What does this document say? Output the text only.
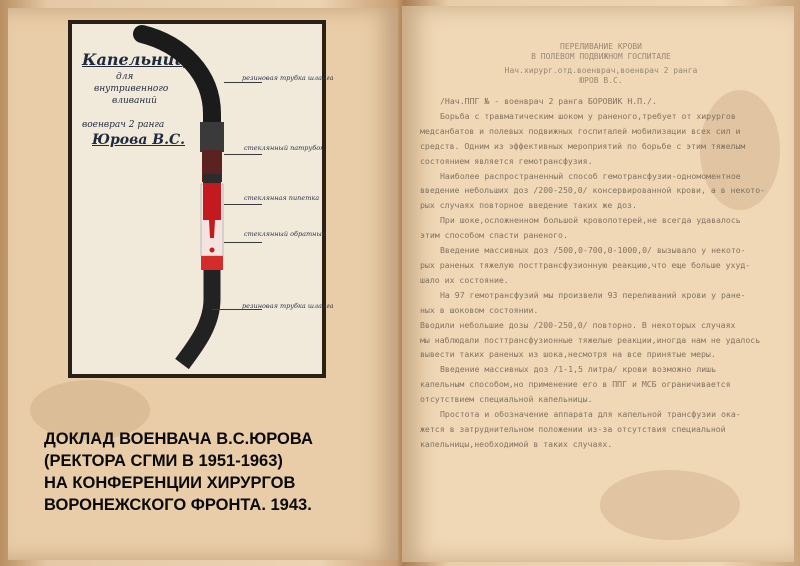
Капельница
для
внутривенного
вливаний
военврач 2 ранга
Юровa В.С.
резиновая трубка шланга
стеклянный патрубок
стеклянная пипетка
стеклянный обратный
резиновая трубка шланга
ДОКЛАД ВОЕНВАЧА В.С.ЮРОВА
(РЕКТОРА СГМИ В 1951-1963)
НА КОНФЕРЕНЦИИ ХИРУРГОВ
ВОРОНЕЖСКОГО ФРОНТА. 1943.
ПЕРЕЛИВАНИЕ КРОВИ
В ПОЛЕВОМ ПОДВИЖНОМ ГОСПИТАЛЕ
Нач.хирург.отд.военврач,военврач 2 ранга
ЮРОВ В.С.
/Нач.ППГ № - военврач 2 ранга БОРОВИК Н.П./.
Борьба с травматическим шоком у раненого,требует от хирургов
медсанбатов и полевых подвижных госпиталей мобилизации всех сил и
средств. Одним из эффективных мероприятий по борьбе с этим тяжелым
состоянием является гемотрансфузия.
Наиболее распространенный способ гемотрансфузии-одномоментное
введение небольших доз /200-250,0/ консервированной крови, а в некото-
рых случаях повторное введение таких же доз.
При шоке,осложненном большой кровопотерей,не всегда удавалось
этим способом спасти раненого.
Введение массивных доз /500,0-700,0-1000,0/ вызывало у некото-
рых раненых тяжелую посттрансфузионную реакцию,что еще больше ухуд-
шало их состояние.
На 97 гемотрансфузий мы произвели 93 переливаний крови у ране-
ных в шоковом состоянии.
Вводили небольшие дозы /200-250,0/ повторно. В некоторых случаях
мы наблюдали посттрансфузионные тяжелые реакции,иногда нам не удалось
вывести таких раненых из шока,несмотря на все принятые меры.
Введение массивных доз /1-1,5 литра/ крови возможно лишь
капельным способом,но применение его в ППГ и МСБ ограничивается
отсутствием специальной капельницы.
Простота и обозначение аппарата для капельной трансфузии ока-
жется в затруднительном положении из-за отсутствия специальной
капельницы,необходимой в таких случаях.
